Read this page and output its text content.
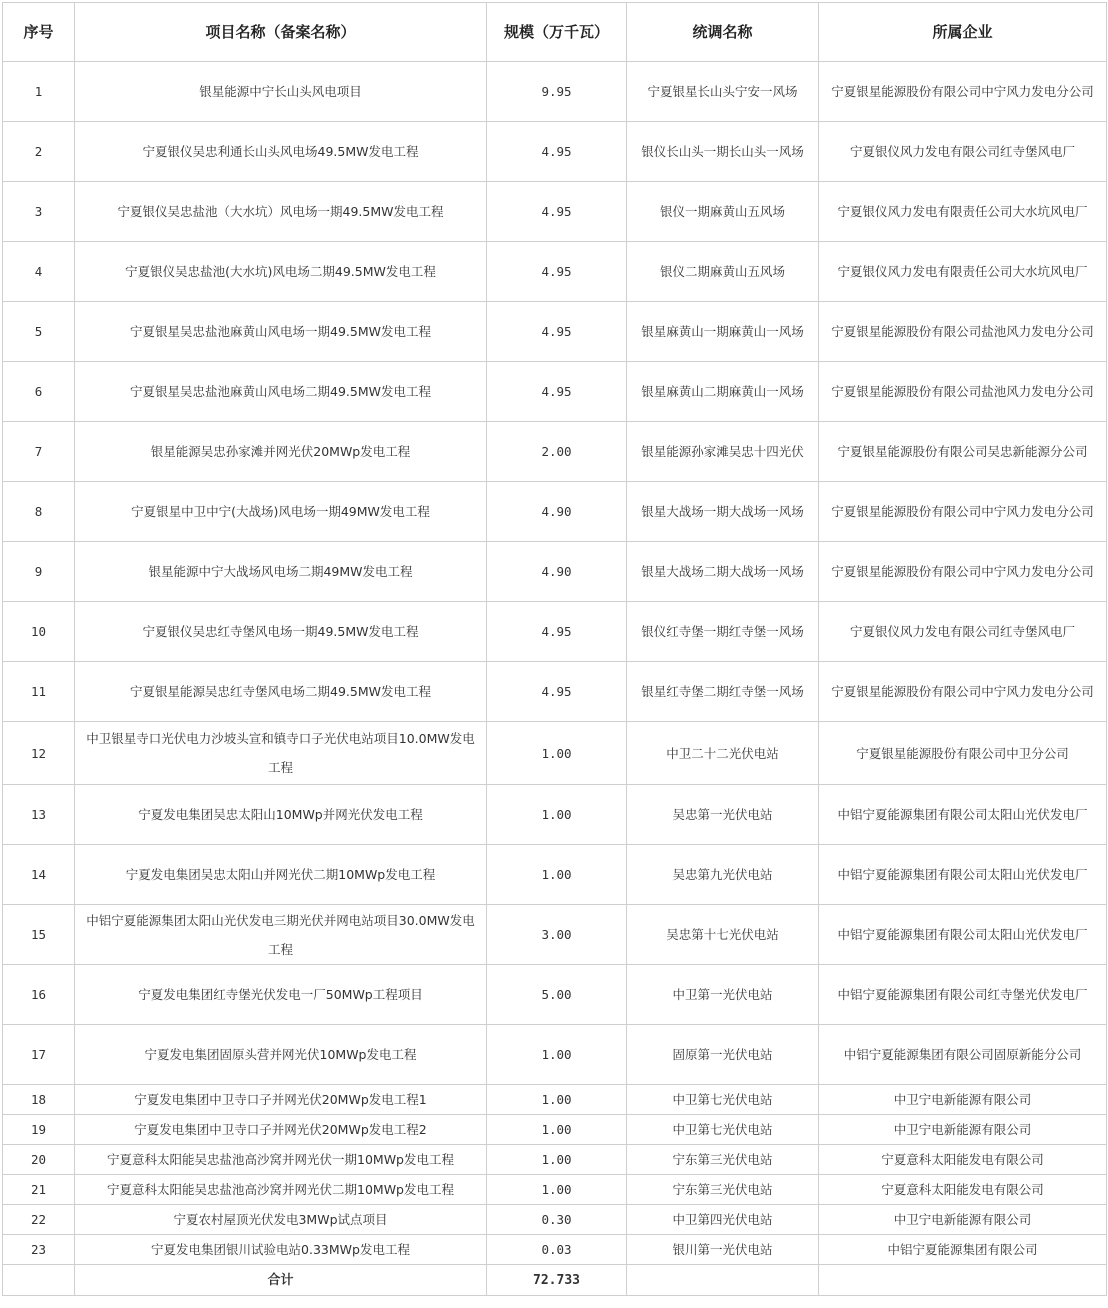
序号	项目名称（备案名称）	规模（万千瓦）	统调名称	所属企业
1	银星能源中宁长山头风电项目	9.95	宁夏银星长山头宁安一风场	宁夏银星能源股份有限公司中宁风力发电分公司
2	宁夏银仪吴忠利通长山头风电场49.5MW发电工程	4.95	银仪长山头一期长山头一风场	宁夏银仪风力发电有限公司红寺堡风电厂
3	宁夏银仪吴忠盐池（大水坑）风电场一期49.5MW发电工程	4.95	银仪一期麻黄山五风场	宁夏银仪风力发电有限责任公司大水坑风电厂
4	宁夏银仪吴忠盐池(大水坑)风电场二期49.5MW发电工程	4.95	银仪二期麻黄山五风场	宁夏银仪风力发电有限责任公司大水坑风电厂
5	宁夏银星吴忠盐池麻黄山风电场一期49.5MW发电工程	4.95	银星麻黄山一期麻黄山一风场	宁夏银星能源股份有限公司盐池风力发电分公司
6	宁夏银星吴忠盐池麻黄山风电场二期49.5MW发电工程	4.95	银星麻黄山二期麻黄山一风场	宁夏银星能源股份有限公司盐池风力发电分公司
7	银星能源吴忠孙家滩并网光伏20MWp发电工程	2.00	银星能源孙家滩吴忠十四光伏	宁夏银星能源股份有限公司吴忠新能源分公司
8	宁夏银星中卫中宁(大战场)风电场一期49MW发电工程	4.90	银星大战场一期大战场一风场	宁夏银星能源股份有限公司中宁风力发电分公司
9	银星能源中宁大战场风电场二期49MW发电工程	4.90	银星大战场二期大战场一风场	宁夏银星能源股份有限公司中宁风力发电分公司
10	宁夏银仪吴忠红寺堡风电场一期49.5MW发电工程	4.95	银仪红寺堡一期红寺堡一风场	宁夏银仪风力发电有限公司红寺堡风电厂
11	宁夏银星能源吴忠红寺堡风电场二期49.5MW发电工程	4.95	银星红寺堡二期红寺堡一风场	宁夏银星能源股份有限公司中宁风力发电分公司
12	中卫银星寺口光伏电力沙坡头宣和镇寺口子光伏电站项目10.0MW发电工程	1.00	中卫二十二光伏电站	宁夏银星能源股份有限公司中卫分公司
13	宁夏发电集团吴忠太阳山10MWp并网光伏发电工程	1.00	吴忠第一光伏电站	中铝宁夏能源集团有限公司太阳山光伏发电厂
14	宁夏发电集团吴忠太阳山并网光伏二期10MWp发电工程	1.00	吴忠第九光伏电站	中铝宁夏能源集团有限公司太阳山光伏发电厂
15	中铝宁夏能源集团太阳山光伏发电三期光伏并网电站项目30.0MW发电工程	3.00	吴忠第十七光伏电站	中铝宁夏能源集团有限公司太阳山光伏发电厂
16	宁夏发电集团红寺堡光伏发电一厂50MWp工程项目	5.00	中卫第一光伏电站	中铝宁夏能源集团有限公司红寺堡光伏发电厂
17	宁夏发电集团固原头营并网光伏10MWp发电工程	1.00	固原第一光伏电站	中铝宁夏能源集团有限公司固原新能分公司
18	宁夏发电集团中卫寺口子并网光伏20MWp发电工程1	1.00	中卫第七光伏电站	中卫宁电新能源有限公司
19	宁夏发电集团中卫寺口子并网光伏20MWp发电工程2	1.00	中卫第七光伏电站	中卫宁电新能源有限公司
20	宁夏意科太阳能吴忠盐池高沙窝并网光伏一期10MWp发电工程	1.00	宁东第三光伏电站	宁夏意科太阳能发电有限公司
21	宁夏意科太阳能吴忠盐池高沙窝并网光伏二期10MWp发电工程	1.00	宁东第三光伏电站	宁夏意科太阳能发电有限公司
22	宁夏农村屋顶光伏发电3MWp试点项目	0.30	中卫第四光伏电站	中卫宁电新能源有限公司
23	宁夏发电集团银川试验电站0.33MWp发电工程	0.03	银川第一光伏电站	中铝宁夏能源集团有限公司
	合计	72.733		
